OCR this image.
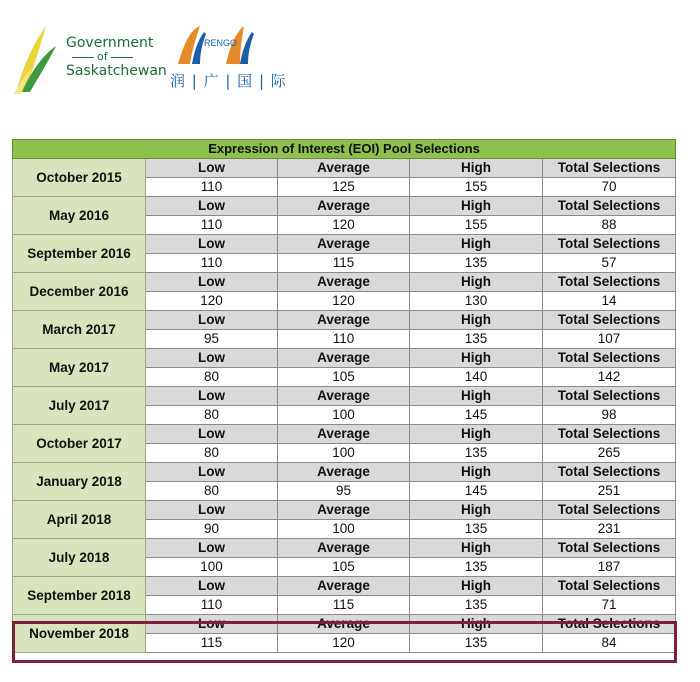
Government
of
Saskatchewan
RENGO
润 | 广 | 国 | 际
Expression of Interest (EOI) Pool Selections				
October 2015	Low	Average	High	Total Selections
	110	125	155	70
May 2016	Low	Average	High	Total Selections
	110	120	155	88
September 2016	Low	Average	High	Total Selections
	110	115	135	57
December 2016	Low	Average	High	Total Selections
	120	120	130	14
March 2017	Low	Average	High	Total Selections
	95	110	135	107
May 2017	Low	Average	High	Total Selections
	80	105	140	142
July 2017	Low	Average	High	Total Selections
	80	100	145	98
October 2017	Low	Average	High	Total Selections
	80	100	135	265
January 2018	Low	Average	High	Total Selections
	80	95	145	251
April 2018	Low	Average	High	Total Selections
	90	100	135	231
July 2018	Low	Average	High	Total Selections
	100	105	135	187
September 2018	Low	Average	High	Total Selections
	110	115	135	71
November 2018	Low	Average	High	Total Selections
	115	120	135	84
